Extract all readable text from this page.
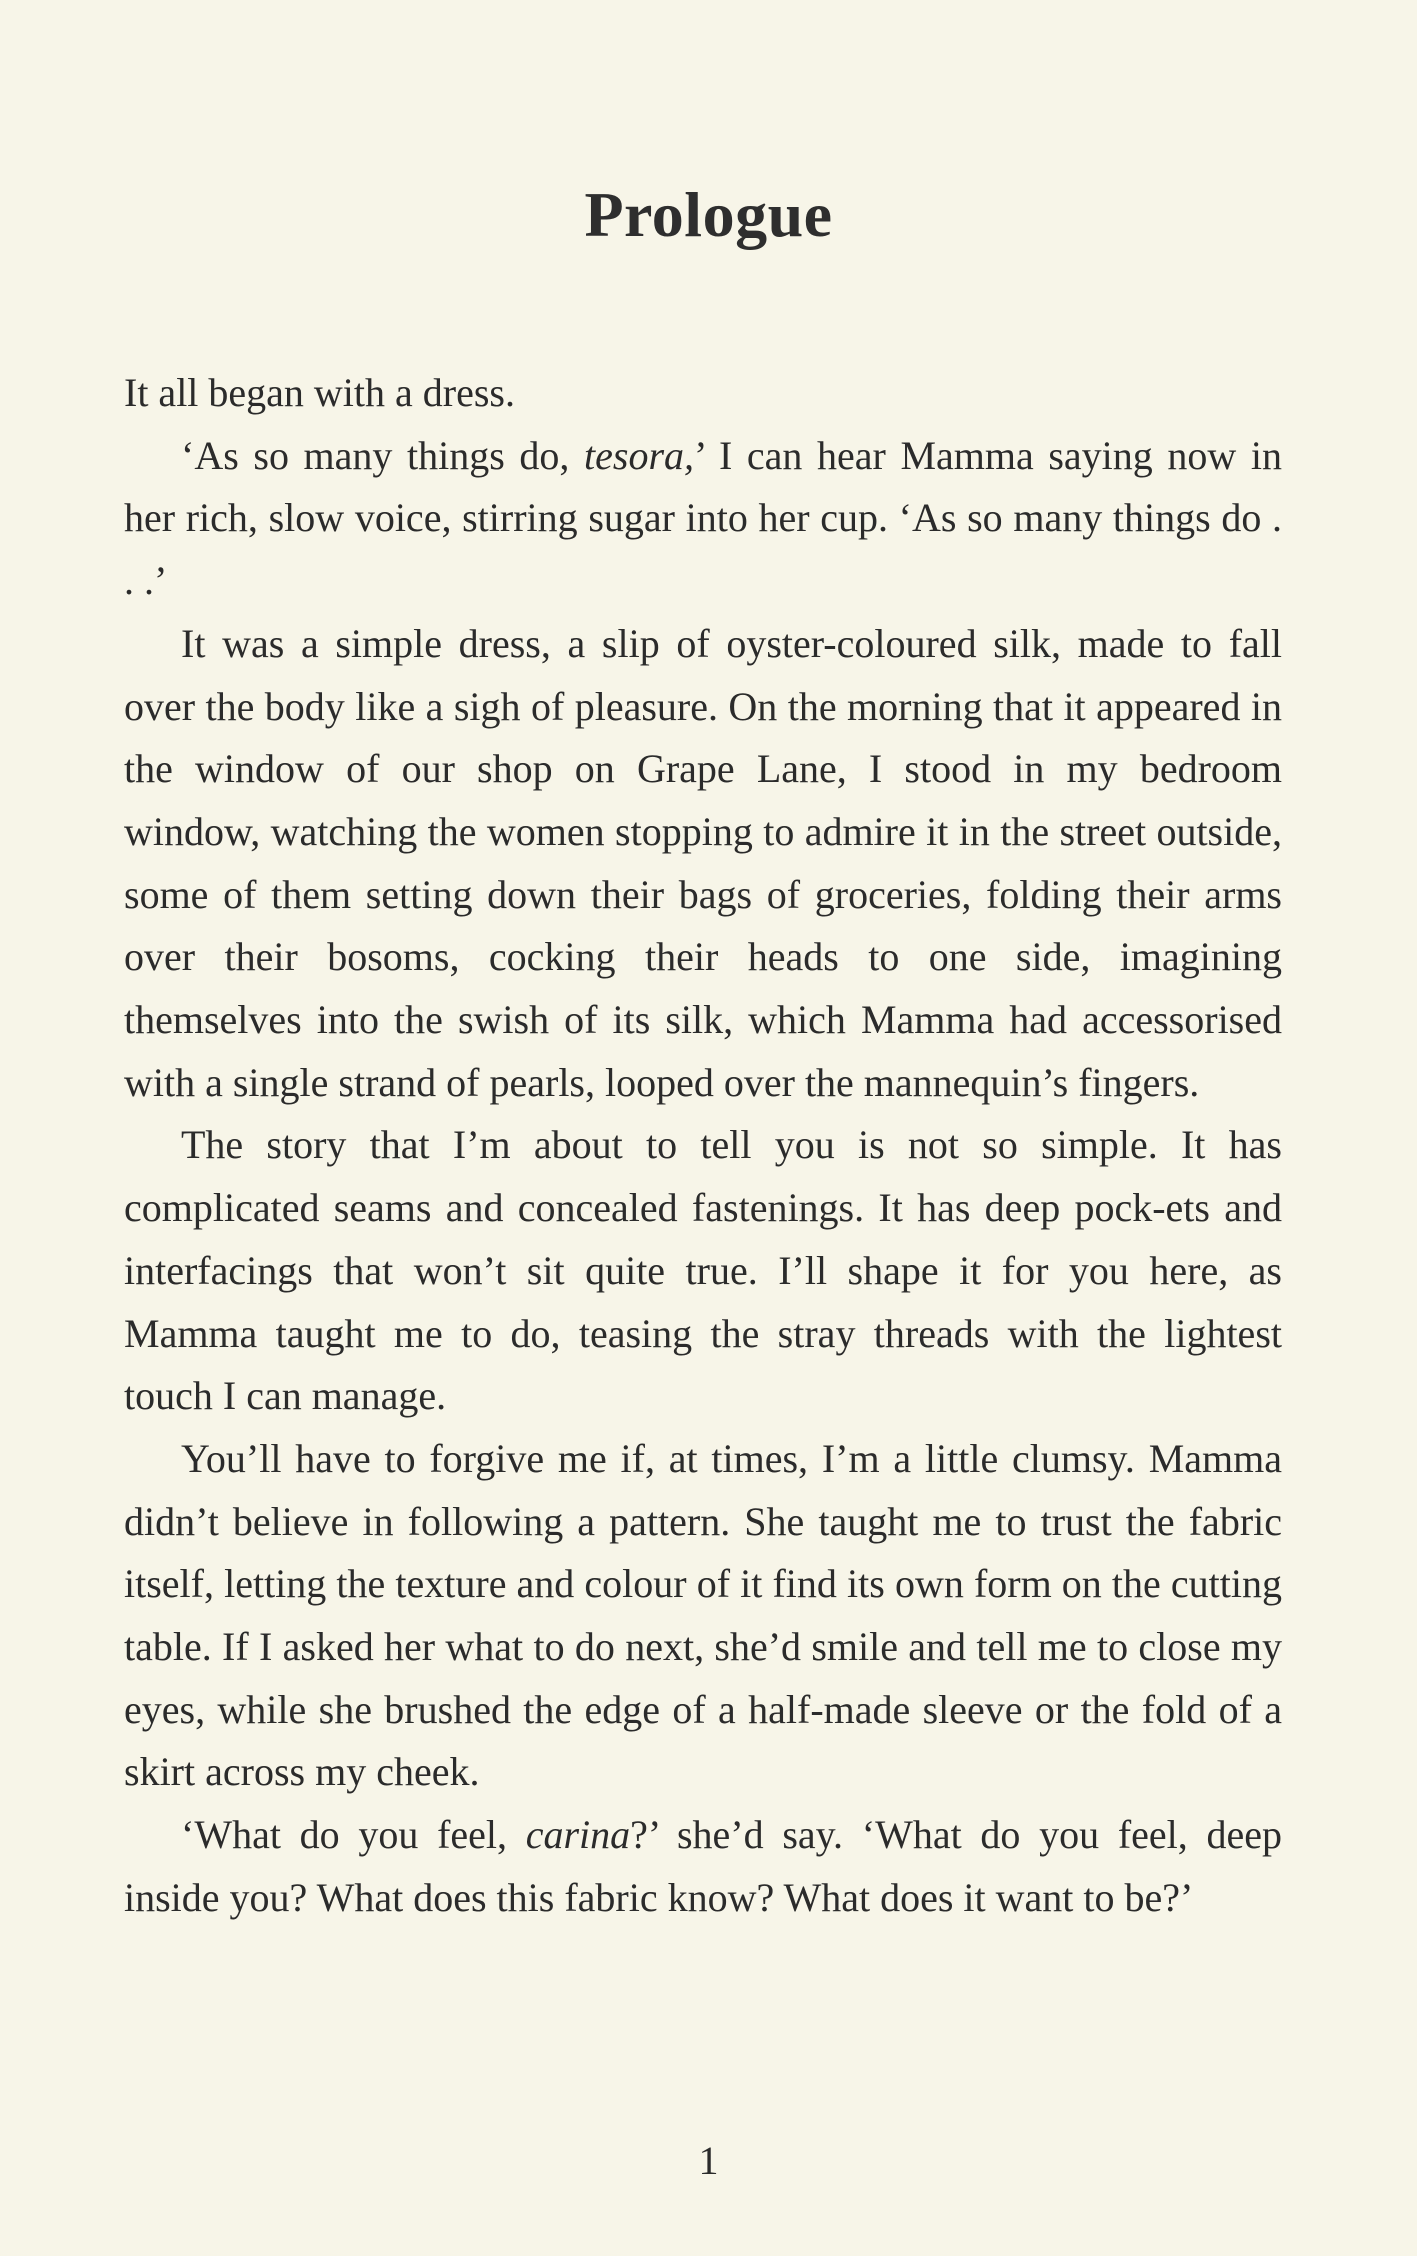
Prologue

It all began with a dress.

‘As so many things do, tesora,’ I can hear Mamma saying now in her rich, slow voice, stirring sugar into her cup. ‘As so many things do . . .’

It was a simple dress, a slip of oyster-coloured silk, made to fall over the body like a sigh of pleasure. On the morning that it appeared in the window of our shop on Grape Lane, I stood in my bedroom window, watching the women stopping to admire it in the street outside, some of them setting down their bags of groceries, folding their arms over their bosoms, cocking their heads to one side, imagining themselves into the swish of its silk, which Mamma had accessorised with a single strand of pearls, looped over the mannequin’s fingers.

The story that I’m about to tell you is not so simple. It has complicated seams and concealed fastenings. It has deep pock-ets and interfacings that won’t sit quite true. I’ll shape it for you here, as Mamma taught me to do, teasing the stray threads with the lightest touch I can manage.

You’ll have to forgive me if, at times, I’m a little clumsy. Mamma didn’t believe in following a pattern. She taught me to trust the fabric itself, letting the texture and colour of it find its own form on the cutting table. If I asked her what to do next, she’d smile and tell me to close my eyes, while she brushed the edge of a half-made sleeve or the fold of a skirt across my cheek.

‘What do you feel, carina?’ she’d say. ‘What do you feel, deep inside you? What does this fabric know? What does it want to be?’

1
